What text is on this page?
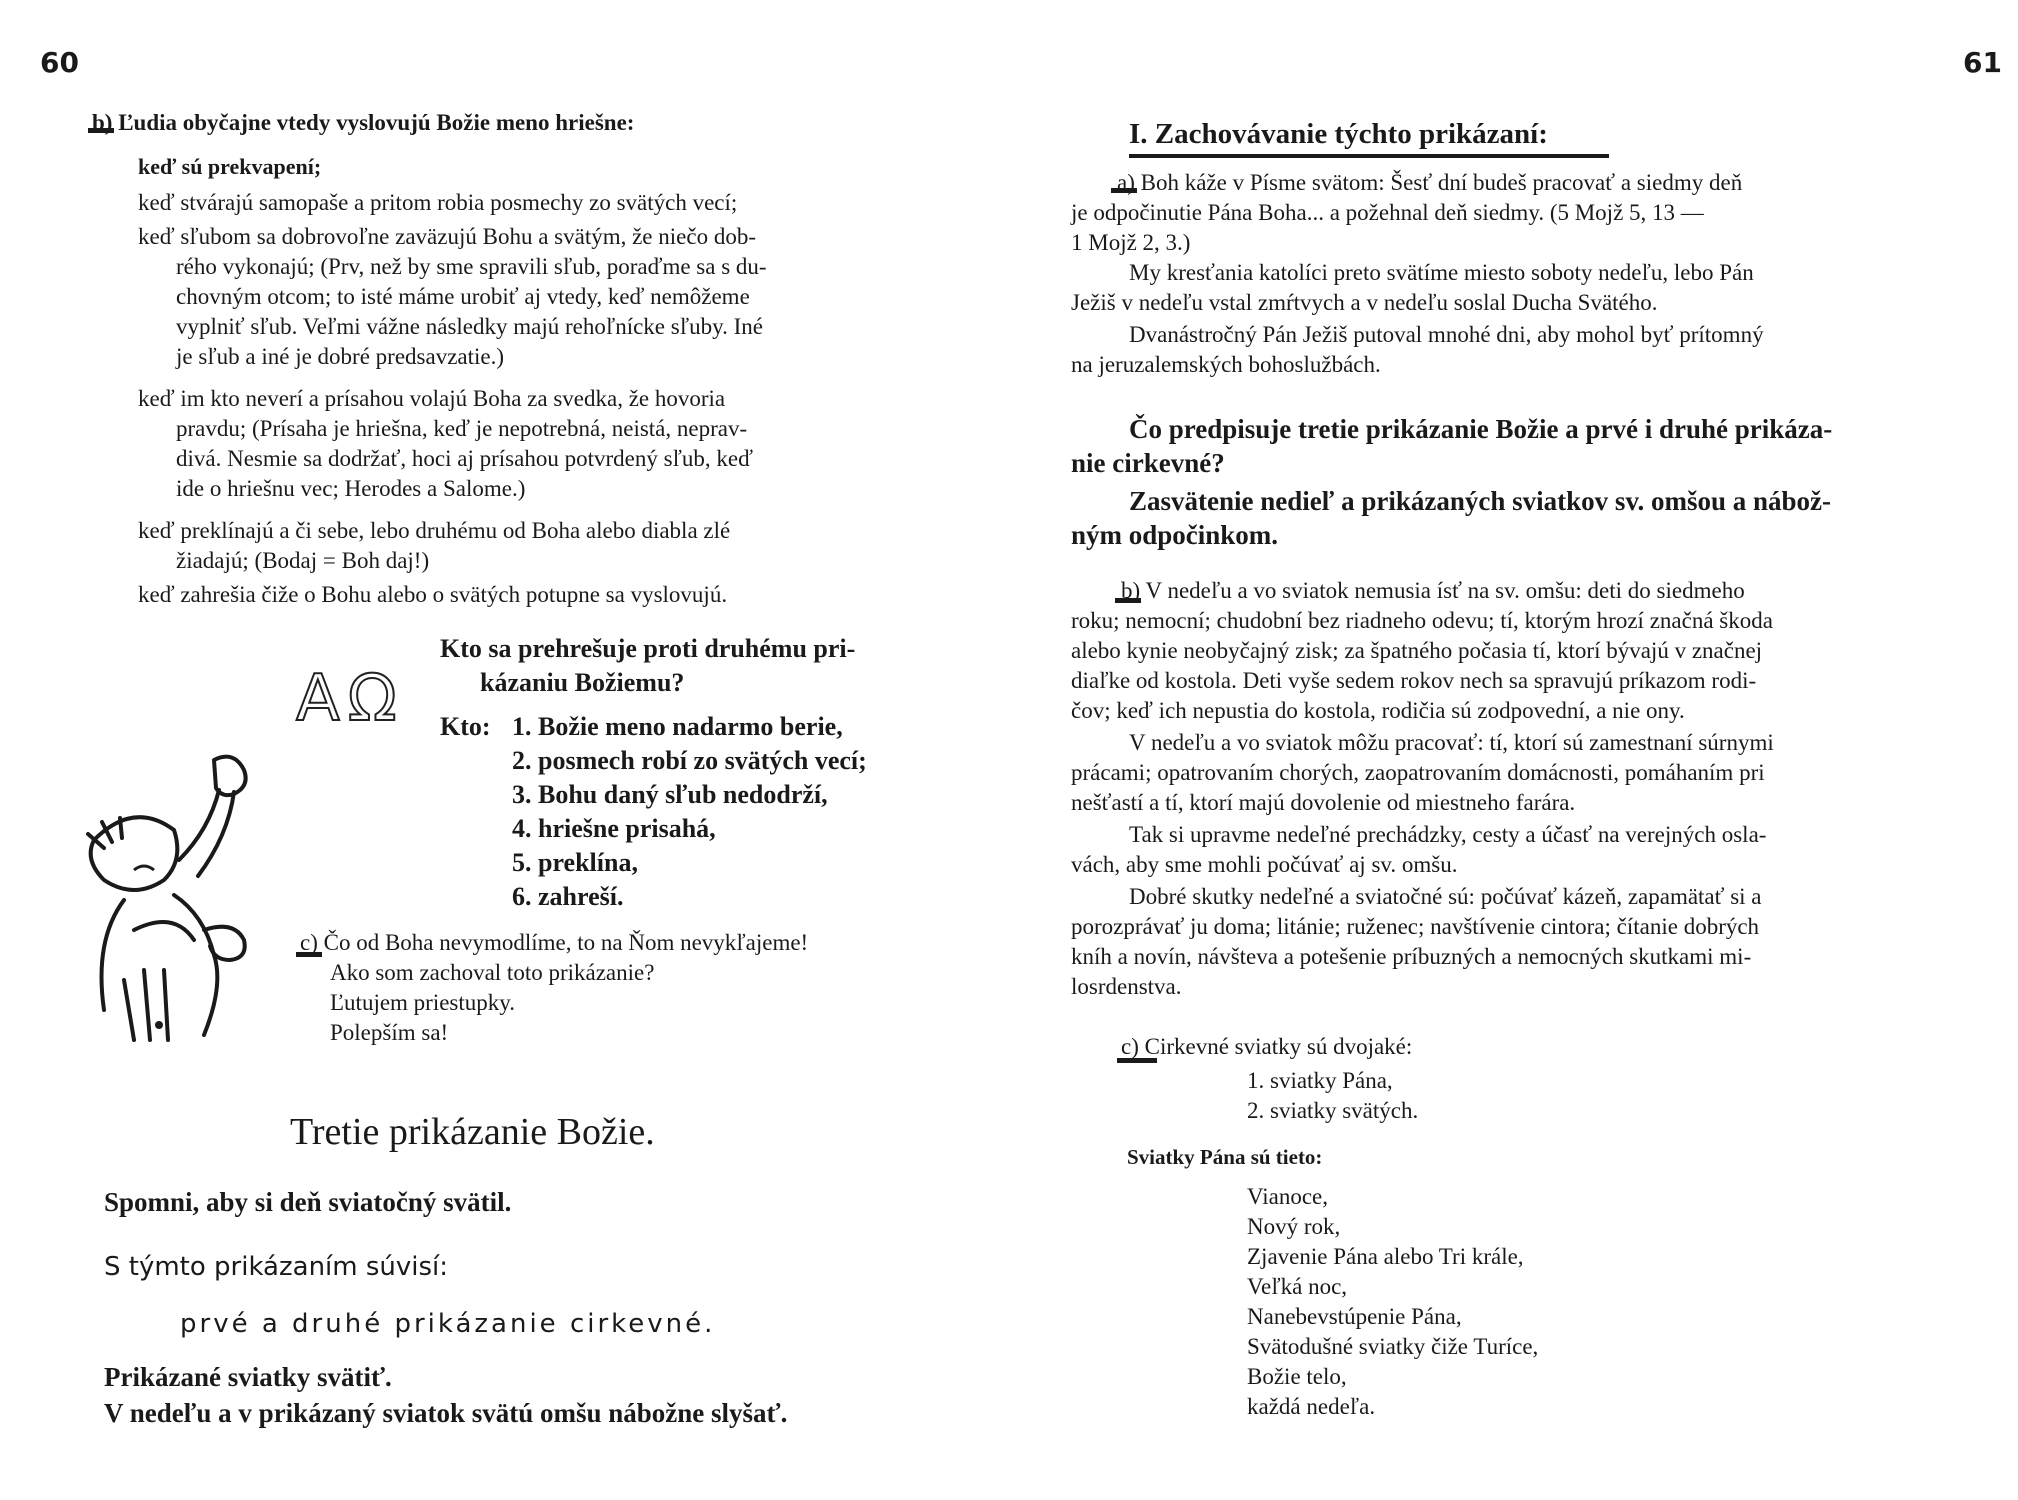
60
b) Ľudia obyčajne vtedy vyslovujú Božie meno hriešne:
keď sú prekvapení;
keď stvárajú samopaše a pritom robia posmechy zo svätých vecí;
keď sľubom sa dobrovoľne zaväzujú Bohu a svätým, že niečo dob-
rého vykonajú; (Prv, než by sme spravili sľub, poraďme sa s du-
chovným otcom; to isté máme urobiť aj vtedy, keď nemôžeme
vyplniť sľub. Veľmi vážne následky majú rehoľnícke sľuby. Iné
je sľub a iné je dobré predsavzatie.)
keď im kto neverí a prísahou volajú Boha za svedka, že hovoria
pravdu; (Prísaha je hriešna, keď je nepotrebná, neistá, neprav-
divá. Nesmie sa dodržať, hoci aj prísahou potvrdený sľub, keď
ide o hriešnu vec; Herodes a Salome.)
keď preklínajú a či sebe, lebo druhému od Boha alebo diabla zlé
žiadajú; (Bodaj = Boh daj!)
keď zahrešia čiže o Bohu alebo o svätých potupne sa vyslovujú.
ΑΩ
Kto sa prehrešuje proti druhému pri-
kázaniu Božiemu?
Kto: 1. Božie meno nadarmo berie,
2. posmech robí zo svätých vecí;
3. Bohu daný sľub nedodrží,
4. hriešne prisahá,
5. preklína,
6. zahreší.
c) Čo od Boha nevymodlíme, to na Ňom nevykľajeme!
Ako som zachoval toto prikázanie?
Ľutujem priestupky.
Polepším sa!
Tretie prikázanie Božie.
Spomni, aby si deň sviatočný svätil.
S týmto prikázaním súvisí:
prvé a druhé prikázanie cirkevné.
Prikázané sviatky svätiť.
V nedeľu a v prikázaný sviatok svätú omšu nábožne slyšať.
61
I. Zachovávanie týchto prikázaní:
a) Boh káže v Písme svätom: Šesť dní budeš pracovať a siedmy deň
je odpočinutie Pána Boha... a požehnal deň siedmy. (5 Mojž 5, 13 —
1 Mojž 2, 3.)
My kresťania katolíci preto svätíme miesto soboty nedeľu, lebo Pán
Ježiš v nedeľu vstal zmŕtvych a v nedeľu soslal Ducha Svätého.
Dvanástročný Pán Ježiš putoval mnohé dni, aby mohol byť prítomný
na jeruzalemských bohoslužbách.
Čo predpisuje tretie prikázanie Božie a prvé i druhé prikáza-
nie cirkevné?
Zasvätenie nedieľ a prikázaných sviatkov sv. omšou a nábož-
ným odpočinkom.
b) V nedeľu a vo sviatok nemusia ísť na sv. omšu: deti do siedmeho
roku; nemocní; chudobní bez riadneho odevu; tí, ktorým hrozí značná škoda
alebo kynie neobyčajný zisk; za špatného počasia tí, ktorí bývajú v značnej
diaľke od kostola. Deti vyše sedem rokov nech sa spravujú príkazom rodi-
čov; keď ich nepustia do kostola, rodičia sú zodpovední, a nie ony.
V nedeľu a vo sviatok môžu pracovať: tí, ktorí sú zamestnaní súrnymi
prácami; opatrovaním chorých, zaopatrovaním domácnosti, pomáhaním pri
nešťastí a tí, ktorí majú dovolenie od miestneho farára.
Tak si upravme nedeľné prechádzky, cesty a účasť na verejných osla-
vách, aby sme mohli počúvať aj sv. omšu.
Dobré skutky nedeľné a sviatočné sú: počúvať kázeň, zapamätať si a
porozprávať ju doma; litánie; ruženec; navštívenie cintora; čítanie dobrých
kníh a novín, návšteva a potešenie príbuzných a nemocných skutkami mi-
losrdenstva.
c) Cirkevné sviatky sú dvojaké:
1. sviatky Pána,
2. sviatky svätých.
Sviatky Pána sú tieto:
Vianoce,
Nový rok,
Zjavenie Pána alebo Tri krále,
Veľká noc,
Nanebevstúpenie Pána,
Svätodušné sviatky čiže Turíce,
Božie telo,
každá nedeľa.
